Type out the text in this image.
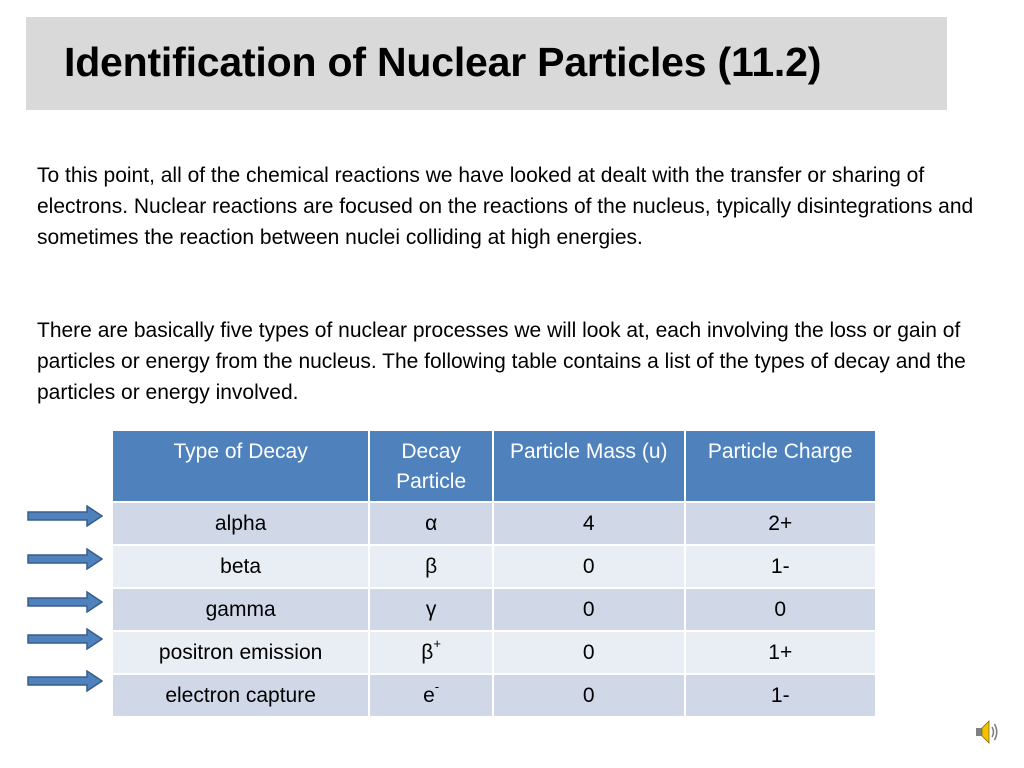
Identification of Nuclear Particles (11.2)
To this point, all of the chemical reactions we have looked at dealt with the transfer or sharing of electrons. Nuclear reactions are focused on the reactions of the nucleus, typically disintegrations and sometimes the reaction between nuclei colliding at high energies.
There are basically five types of nuclear processes we will look at, each involving the loss or gain of particles or energy from the nucleus. The following table contains a list of the types of decay and the particles or energy involved.
Type of Decay	Decay Particle	Particle Mass (u)	Particle Charge
alpha	α	4	2+
beta	β	0	1-
gamma	γ	0	0
positron emission	β+	0	1+
electron capture	e-	0	1-
